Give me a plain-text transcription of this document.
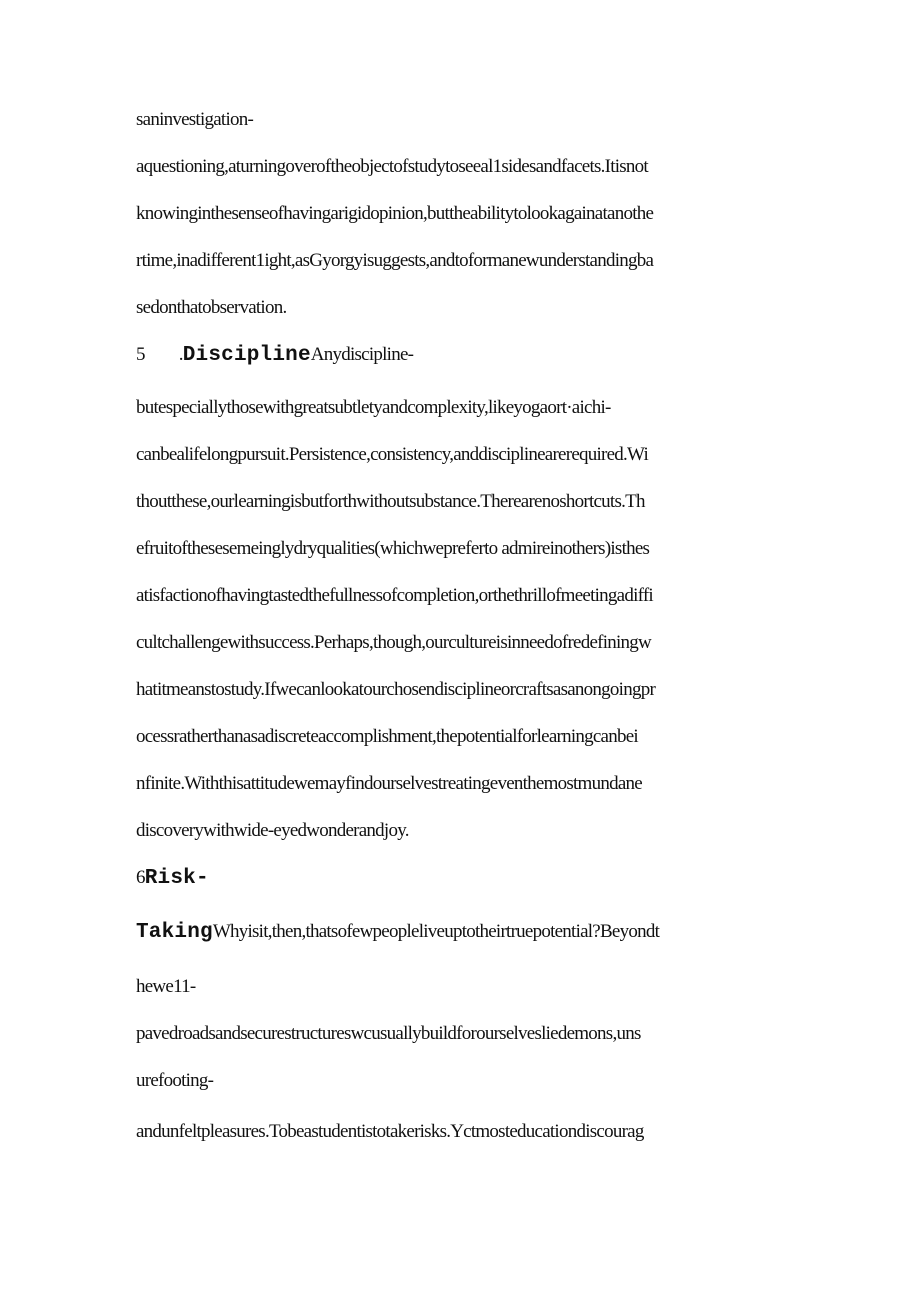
saninvestigation-
aquestioning,aturningoveroftheobjectofstudytoseeal1sidesandfacets.Itisnot
knowinginthesenseofhavingarigidopinion,buttheabilitytolookagainatanothe
rtime,inadifferent1ight,asGyorgyisuggests,andtoformanewunderstandingba
sedonthatobservation.
5 .DisciplineAnydiscipline-
butespeciallythosewithgreatsubtletyandcomplexity,likeyogaort·aichi-
canbealifelongpursuit.Persistence,consistency,anddisciplinearerequired.Wi
thoutthese,ourlearningisbutforthwithoutsubstance.Therearenoshortcuts.Th
efruitofthesesemeinglydryqualities(whichwepreferto admireinothers)isthes
atisfactionofhavingtastedthefullnessofcompletion,orthethrillofmeetingadiffi
cultchallengewithsuccess.Perhaps,though,ourcultureisinneedofredefiningw
hatitmeanstostudy.Ifwecanlookatourchosendisciplineorcraftsasanongoingpr
ocessratherthanasadiscreteaccomplishment,thepotentialforlearningcanbei
nfinite.Withthisattitudewemayfindourselvestreatingeventhemostmundane
discoverywithwide-eyedwonderandjoy.
6Risk-
TakingWhyisit,then,thatsofewpeopleliveuptotheirtruepotential?Beyondt
hewe11-
pavedroadsandsecurestructureswcusuallybuildforourselvesliedemons,uns
urefooting-
andunfeltpleasures.Tobeastudentistotakerisks.Yctmosteducationdiscourag
